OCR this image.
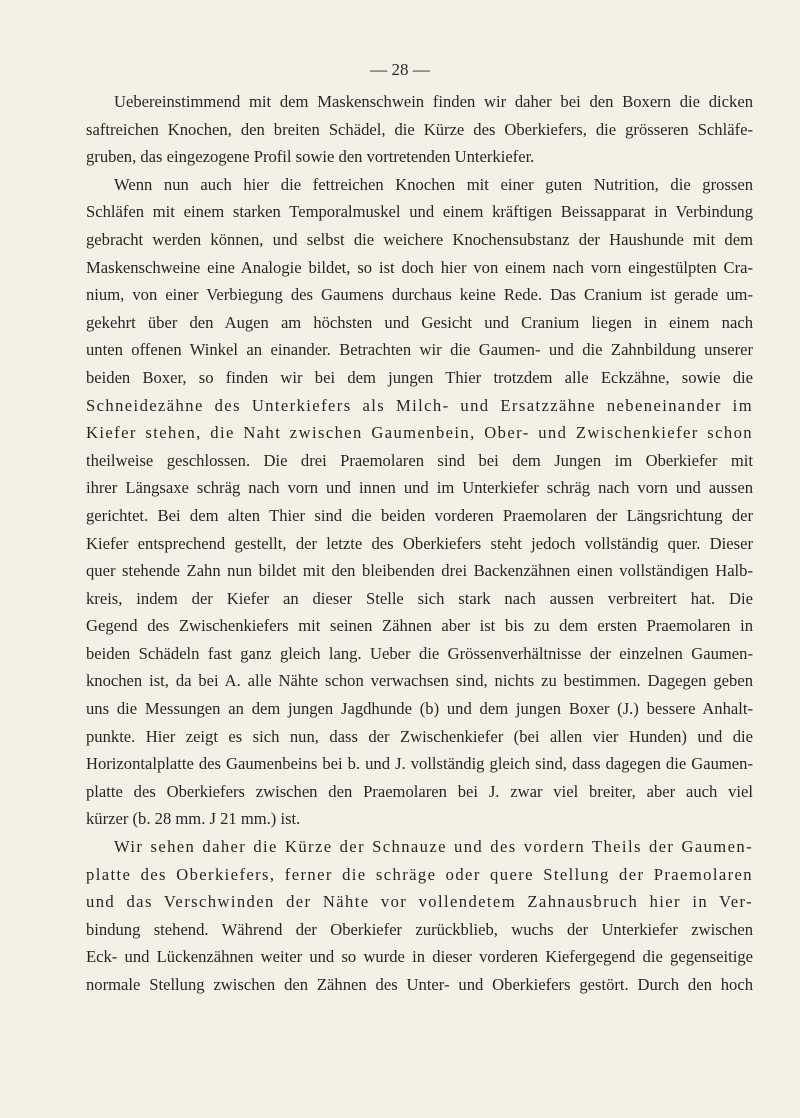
— 28 —
Uebereinstimmend mit dem Maskenschwein finden wir daher bei den Boxern die dicken
saftreichen Knochen, den breiten Schädel, die Kürze des Oberkiefers, die grösseren Schläfe-
gruben, das eingezogene Profil sowie den vortretenden Unterkiefer.
Wenn nun auch hier die fettreichen Knochen mit einer guten Nutrition, die grossen
Schläfen mit einem starken Temporalmuskel und einem kräftigen Beissapparat in Verbindung
gebracht werden können, und selbst die weichere Knochensubstanz der Haushunde mit dem
Maskenschweine eine Analogie bildet, so ist doch hier von einem nach vorn eingestülpten Cra-
nium, von einer Verbiegung des Gaumens durchaus keine Rede. Das Cranium ist gerade um-
gekehrt über den Augen am höchsten und Gesicht und Cranium liegen in einem nach
unten offenen Winkel an einander. Betrachten wir die Gaumen- und die Zahnbildung unserer
beiden Boxer, so finden wir bei dem jungen Thier trotzdem alle Eckzähne, sowie die
Schneidezähne des Unterkiefers als Milch- und Ersatzzähne nebeneinander im
Kiefer stehen, die Naht zwischen Gaumenbein, Ober- und Zwischenkiefer schon
theilweise geschlossen. Die drei Praemolaren sind bei dem Jungen im Oberkiefer mit
ihrer Längsaxe schräg nach vorn und innen und im Unterkiefer schräg nach vorn und aussen
gerichtet. Bei dem alten Thier sind die beiden vorderen Praemolaren der Längsrichtung der
Kiefer entsprechend gestellt, der letzte des Oberkiefers steht jedoch vollständig quer. Dieser
quer stehende Zahn nun bildet mit den bleibenden drei Backenzähnen einen vollständigen Halb-
kreis, indem der Kiefer an dieser Stelle sich stark nach aussen verbreitert hat. Die
Gegend des Zwischenkiefers mit seinen Zähnen aber ist bis zu dem ersten Praemolaren in
beiden Schädeln fast ganz gleich lang. Ueber die Grössenverhältnisse der einzelnen Gaumen-
knochen ist, da bei A. alle Nähte schon verwachsen sind, nichts zu bestimmen. Dagegen geben
uns die Messungen an dem jungen Jagdhunde (b) und dem jungen Boxer (J.) bessere Anhalt-
punkte. Hier zeigt es sich nun, dass der Zwischenkiefer (bei allen vier Hunden) und die
Horizontalplatte des Gaumenbeins bei b. und J. vollständig gleich sind, dass dagegen die Gaumen-
platte des Oberkiefers zwischen den Praemolaren bei J. zwar viel breiter, aber auch viel
kürzer (b. 28 mm. J 21 mm.) ist.
Wir sehen daher die Kürze der Schnauze und des vordern Theils der Gaumen-
platte des Oberkiefers, ferner die schräge oder quere Stellung der Praemolaren
und das Verschwinden der Nähte vor vollendetem Zahnausbruch hier in Ver-
bindung stehend. Während der Oberkiefer zurückblieb, wuchs der Unterkiefer zwischen
Eck- und Lückenzähnen weiter und so wurde in dieser vorderen Kiefergegend die gegenseitige
normale Stellung zwischen den Zähnen des Unter- und Oberkiefers gestört. Durch den hoch
